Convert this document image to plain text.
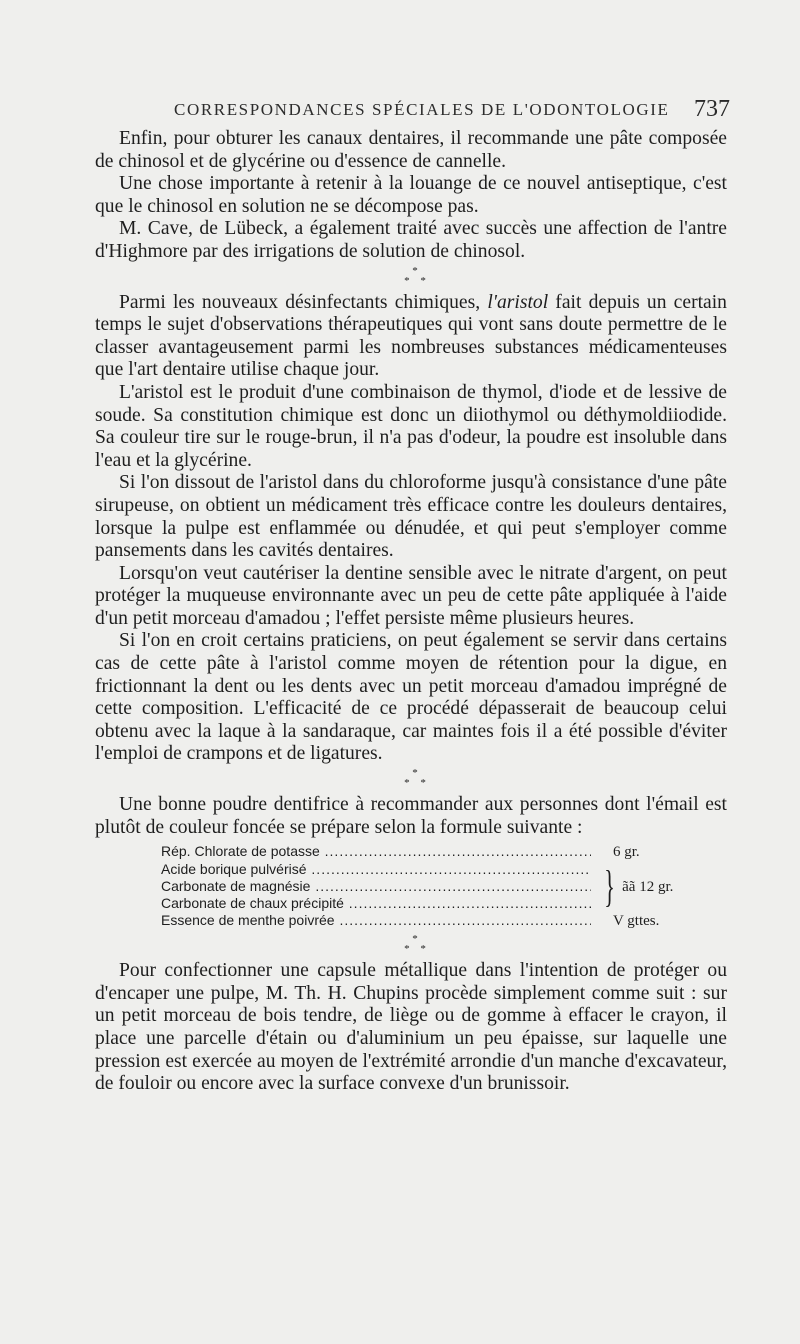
CORRESPONDANCES SPÉCIALES DE L'ODONTOLOGIE 737

Enfin, pour obturer les canaux dentaires, il recommande une pâte composée de chinosol et de glycérine ou d'essence de cannelle.

Une chose importante à retenir à la louange de ce nouvel antiseptique, c'est que le chinosol en solution ne se décompose pas.

M. Cave, de Lübeck, a également traité avec succès une affection de l'antre d'Highmore par des irrigations de solution de chinosol.

*
* *

Parmi les nouveaux désinfectants chimiques, l'aristol fait depuis un certain temps le sujet d'observations thérapeutiques qui vont sans doute permettre de le classer avantageusement parmi les nombreuses substances médicamenteuses que l'art dentaire utilise chaque jour.

L'aristol est le produit d'une combinaison de thymol, d'iode et de lessive de soude. Sa constitution chimique est donc un diiothymol ou déthymoldiiodide. Sa couleur tire sur le rouge-brun, il n'a pas d'odeur, la poudre est insoluble dans l'eau et la glycérine.

Si l'on dissout de l'aristol dans du chloroforme jusqu'à consistance d'une pâte sirupeuse, on obtient un médicament très efficace contre les douleurs dentaires, lorsque la pulpe est enflammée ou dénudée, et qui peut s'employer comme pansements dans les cavités dentaires.

Lorsqu'on veut cautériser la dentine sensible avec le nitrate d'argent, on peut protéger la muqueuse environnante avec un peu de cette pâte appliquée à l'aide d'un petit morceau d'amadou ; l'effet persiste même plusieurs heures.

Si l'on en croit certains praticiens, on peut également se servir dans certains cas de cette pâte à l'aristol comme moyen de rétention pour la digue, en frictionnant la dent ou les dents avec un petit morceau d'amadou imprégné de cette composition. L'efficacité de ce procédé dépasserait de beaucoup celui obtenu avec la laque à la sandaraque, car maintes fois il a été possible d'éviter l'emploi de crampons et de ligatures.

*
* *

Une bonne poudre dentifrice à recommander aux personnes dont l'émail est plutôt de couleur foncée se prépare selon la formule suivante :

Rép. Chlorate de potasse .....	6 gr.
Acide borique pulvérisé .....
Carbonate de magnésie .....
Carbonate de chaux précipité .....	} ãã 12 gr.
Essence de menthe poivrée .....	V gttes.
*
* *

Pour confectionner une capsule métallique dans l'intention de protéger ou d'encaper une pulpe, M. Th. H. Chupins procède simplement comme suit : sur un petit morceau de bois tendre, de liège ou de gomme à effacer le crayon, il place une parcelle d'étain ou d'aluminium un peu épaisse, sur laquelle une pression est exercée au moyen de l'extrémité arrondie d'un manche d'excavateur, de fouloir ou encore avec la surface convexe d'un brunissoir.
